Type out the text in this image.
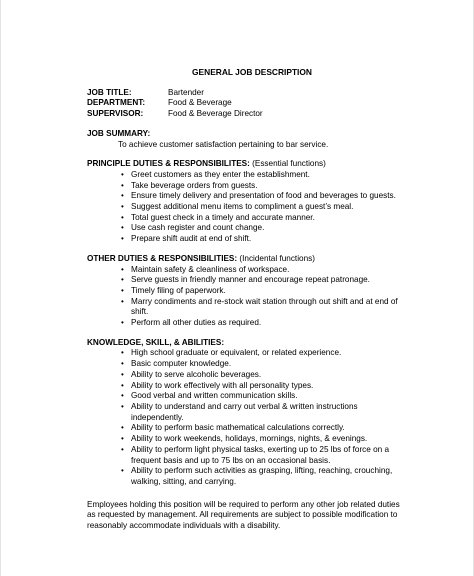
GENERAL JOB DESCRIPTION
JOB TITLE:	Bartender
DEPARTMENT:	Food & Beverage
SUPERVISOR:	Food & Beverage Director
JOB SUMMARY:
To achieve customer satisfaction pertaining to bar service.
PRINCIPLE DUTIES & RESPONSIBILITES: (Essential functions)
• Greet customers as they enter the establishment.
• Take beverage orders from guests.
• Ensure timely delivery and presentation of food and beverages to guests.
• Suggest additional menu items to compliment a guest’s meal.
• Total guest check in a timely and accurate manner.
• Use cash register and count change.
• Prepare shift audit at end of shift.
OTHER DUTIES & RESPONSIBILITIES: (Incidental functions)
• Maintain safety & cleanliness of workspace.
• Serve guests in friendly manner and encourage repeat patronage.
• Timely filing of paperwork.
• Marry condiments and re-stock wait station through out shift and at end of shift.
• Perform all other duties as required.
KNOWLEDGE, SKILL, & ABILITIES:
• High school graduate or equivalent, or related experience.
• Basic computer knowledge.
• Ability to serve alcoholic beverages.
• Ability to work effectively with all personality types.
• Good verbal and written communication skills.
• Ability to understand and carry out verbal & written instructions independently.
• Ability to perform basic mathematical calculations correctly.
• Ability to work weekends, holidays, mornings, nights, & evenings.
• Ability to perform light physical tasks, exerting up to 25 lbs of force on a frequent basis and up to 75 lbs on an occasional basis.
• Ability to perform such activities as grasping, lifting, reaching, crouching, walking, sitting, and carrying.
Employees holding this position will be required to perform any other job related duties as requested by management. All requirements are subject to possible modification to reasonably accommodate individuals with a disability.
